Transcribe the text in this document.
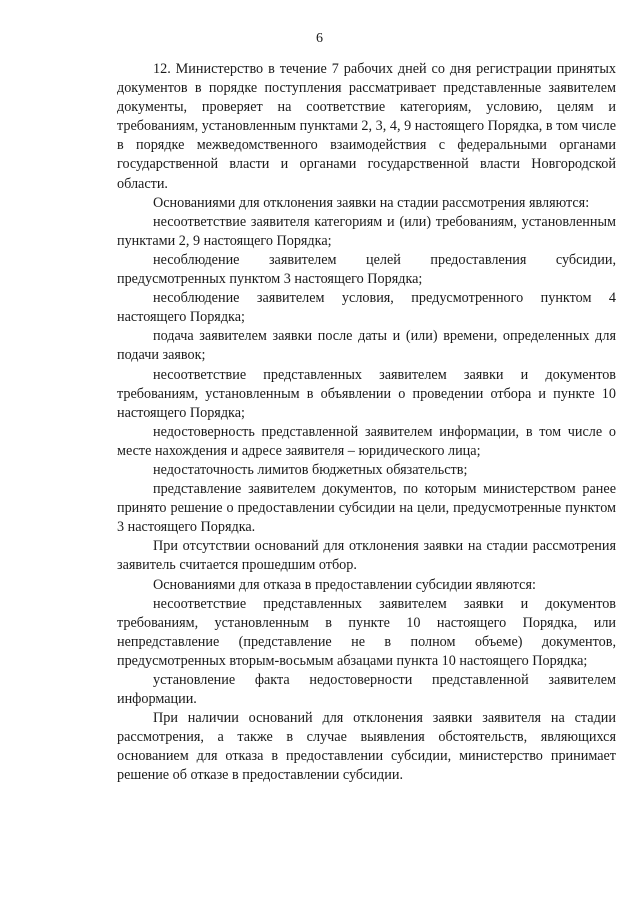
6

12. Министерство в течение 7 рабочих дней со дня регистрации принятых документов в порядке поступления рассматривает представленные заявителем документы, проверяет на соответствие категориям, условию, целям и требованиям, установленным пунктами 2, 3, 4, 9 настоящего Порядка, в том числе в порядке межведомственного взаимодействия с федеральными органами государственной власти и органами государственной власти Новгородской области.

Основаниями для отклонения заявки на стадии рассмотрения являются:

несоответствие заявителя категориям и (или) требованиям, установленным пунктами 2, 9 настоящего Порядка;

несоблюдение заявителем целей предоставления субсидии, предусмотренных пунктом 3 настоящего Порядка;

несоблюдение заявителем условия, предусмотренного пунктом 4 настоящего Порядка;

подача заявителем заявки после даты и (или) времени, определенных для подачи заявок;

несоответствие представленных заявителем заявки и документов требованиям, установленным в объявлении о проведении отбора и пункте 10 настоящего Порядка;

недостоверность представленной заявителем информации, в том числе о месте нахождения и адресе заявителя – юридического лица;

недостаточность лимитов бюджетных обязательств;

представление заявителем документов, по которым министерством ранее принято решение о предоставлении субсидии на цели, предусмотренные пунктом 3 настоящего Порядка.

При отсутствии оснований для отклонения заявки на стадии рассмотрения заявитель считается прошедшим отбор.

Основаниями для отказа в предоставлении субсидии являются:

несоответствие представленных заявителем заявки и документов требованиям, установленным в пункте 10 настоящего Порядка, или непредставление (представление не в полном объеме) документов, предусмотренных вторым-восьмым абзацами пункта 10 настоящего Порядка;

установление факта недостоверности представленной заявителем информации.

При наличии оснований для отклонения заявки заявителя на стадии рассмотрения, а также в случае выявления обстоятельств, являющихся основанием для отказа в предоставлении субсидии, министерство принимает решение об отказе в предоставлении субсидии.
